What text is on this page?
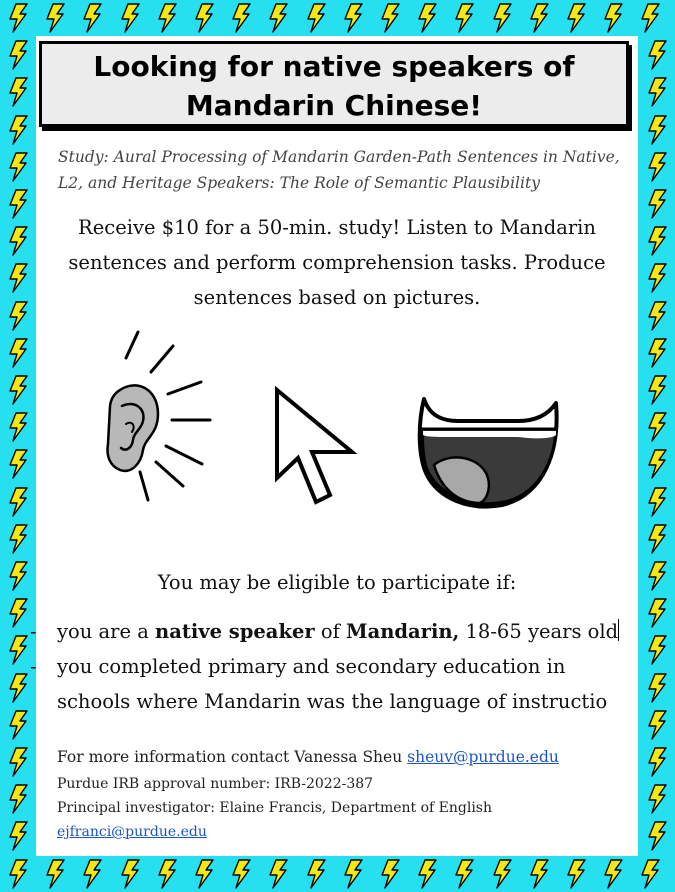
Looking for native speakers of
Mandarin Chinese!

Study: Aural Processing of Mandarin Garden-Path Sentences in Native,
L2, and Heritage Speakers: The Role of Semantic Plausibility

Receive $10 for a 50-min. study! Listen to Mandarin
sentences and perform comprehension tasks. Produce
sentences based on pictures.

You may be eligible to participate if:

- you are a native speaker of Mandarin, 18-65 years old
- you completed primary and secondary education in
schools where Mandarin was the language of instructio

For more information contact Vanessa Sheu sheuv@purdue.edu

Purdue IRB approval number: IRB-2022-387

Principal investigator: Elaine Francis, Department of English

ejfranci@purdue.edu
